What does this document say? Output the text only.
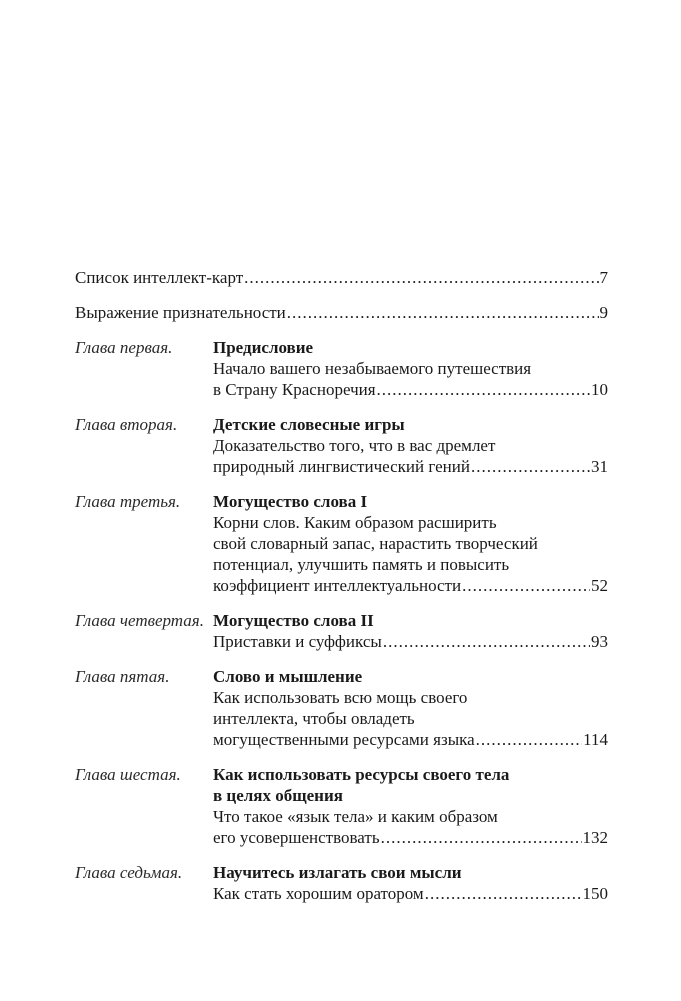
Список интеллект-карт .....	7
Выражение признательности .....	9
Глава первая.	Предисловие
Начало вашего незабываемого путешествия
в Страну Красноречия .....	10
Глава вторая.	Детские словесные игры
Доказательство того, что в вас дремлет
природный лингвистический гений .....	31
Глава третья.	Могущество слова I
Корни слов. Каким образом расширить
свой словарный запас, нарастить творческий
потенциал, улучшить память и повысить
коэффициент интеллектуальности .....	52
Глава четвертая. Могущество слова II
Приставки и суффиксы .....	93
Глава пятая.	Слово и мышление
Как использовать всю мощь своего
интеллекта, чтобы овладеть
могущественными ресурсами языка .....	114
Глава шестая.	Как использовать ресурсы своего тела
в целях общения
Что такое «язык тела» и каким образом
его усовершенствовать .....	132
Глава седьмая.	Научитесь излагать свои мысли
Как стать хорошим оратором .....	150
